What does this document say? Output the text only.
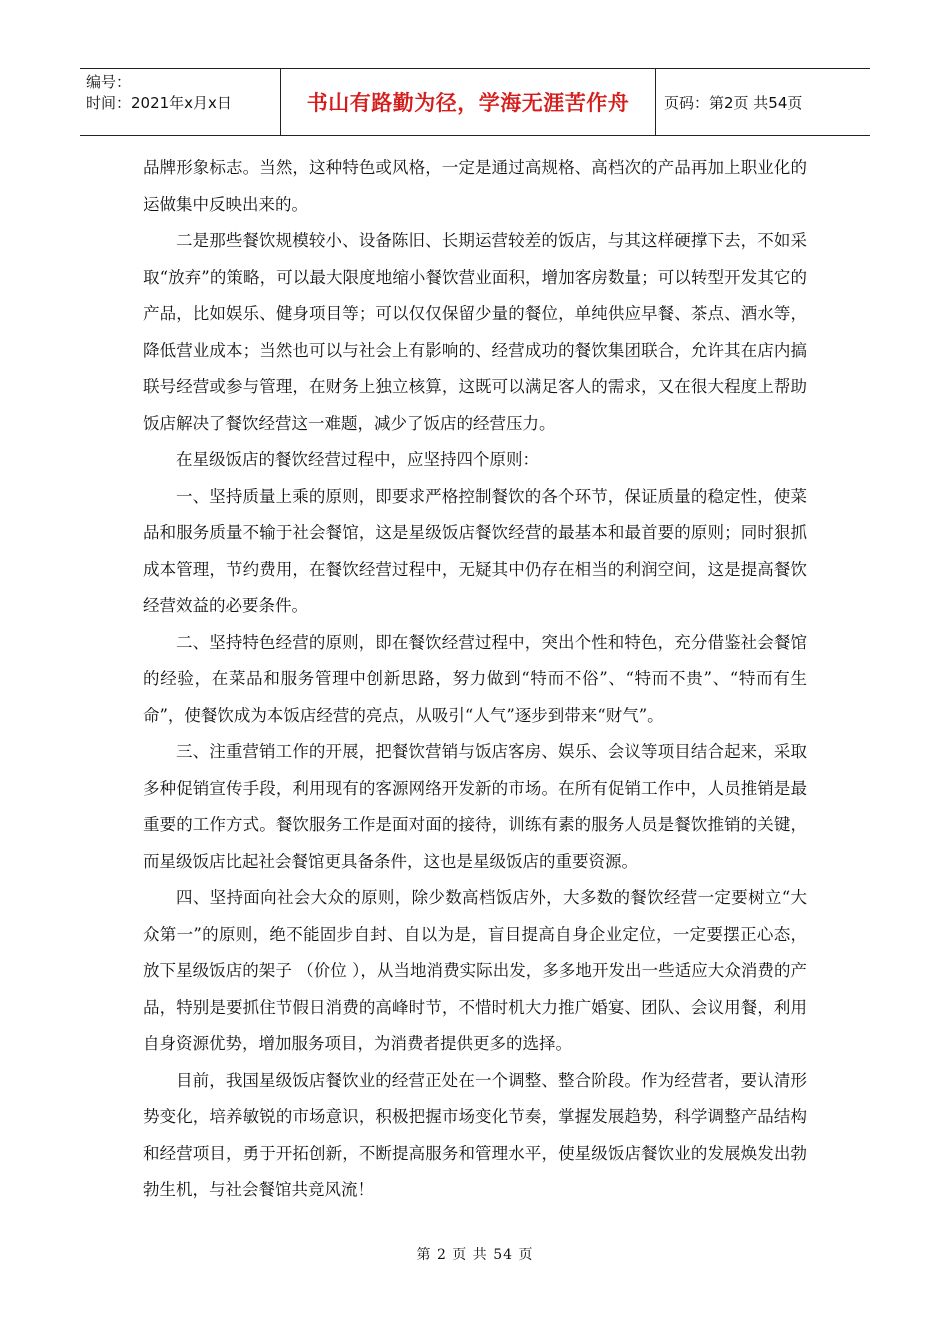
编号：
时间：2021年x月x日	书山有路勤为径，学海无涯苦作舟	页码：第2页 共54页

品牌形象标志。当然，这种特色或风格，一定是通过高规格、高档次的产品再加上职业化的运做集中反映出来的。

二是那些餐饮规模较小、设备陈旧、长期运营较差的饭店，与其这样硬撑下去，不如采取“放弃”的策略，可以最大限度地缩小餐饮营业面积，增加客房数量；可以转型开发其它的产品，比如娱乐、健身项目等；可以仅仅保留少量的餐位，单纯供应早餐、茶点、酒水等，降低营业成本；当然也可以与社会上有影响的、经营成功的餐饮集团联合，允许其在店内搞联号经营或参与管理，在财务上独立核算，这既可以满足客人的需求，又在很大程度上帮助饭店解决了餐饮经营这一难题，减少了饭店的经营压力。

在星级饭店的餐饮经营过程中，应坚持四个原则：

一、坚持质量上乘的原则，即要求严格控制餐饮的各个环节，保证质量的稳定性，使菜品和服务质量不输于社会餐馆，这是星级饭店餐饮经营的最基本和最首要的原则；同时狠抓成本管理，节约费用，在餐饮经营过程中，无疑其中仍存在相当的利润空间，这是提高餐饮经营效益的必要条件。

二、坚持特色经营的原则，即在餐饮经营过程中，突出个性和特色，充分借鉴社会餐馆的经验，在菜品和服务管理中创新思路，努力做到“特而不俗”、“特而不贵”、“特而有生命”，使餐饮成为本饭店经营的亮点，从吸引“人气”逐步到带来“财气”。

三、注重营销工作的开展，把餐饮营销与饭店客房、娱乐、会议等项目结合起来，采取多种促销宣传手段，利用现有的客源网络开发新的市场。在所有促销工作中，人员推销是最重要的工作方式。餐饮服务工作是面对面的接待，训练有素的服务人员是餐饮推销的关键，而星级饭店比起社会餐馆更具备条件，这也是星级饭店的重要资源。

四、坚持面向社会大众的原则，除少数高档饭店外，大多数的餐饮经营一定要树立“大众第一”的原则，绝不能固步自封、自以为是，盲目提高自身企业定位，一定要摆正心态，放下星级饭店的架子 （价位 ），从当地消费实际出发，多多地开发出一些适应大众消费的产品，特别是要抓住节假日消费的高峰时节，不惜时机大力推广婚宴、团队、会议用餐，利用自身资源优势，增加服务项目，为消费者提供更多的选择。

目前，我国星级饭店餐饮业的经营正处在一个调整、整合阶段。作为经营者，要认清形势变化，培养敏锐的市场意识，积极把握市场变化节奏，掌握发展趋势，科学调整产品结构和经营项目，勇于开拓创新，不断提高服务和管理水平，使星级饭店餐饮业的发展焕发出勃勃生机，与社会餐馆共竞风流！

第 2 页 共 54 页
